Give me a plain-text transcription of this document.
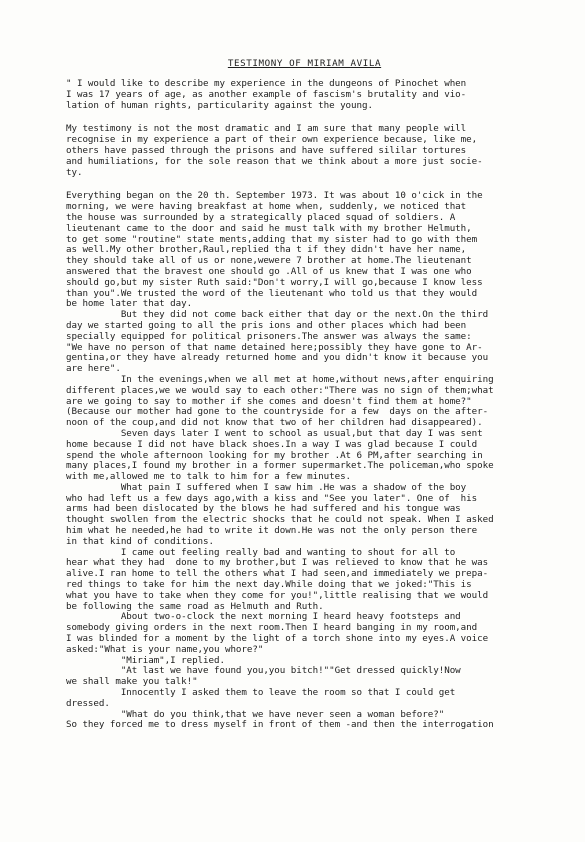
TESTIMONY OF MIRIAM AVILA
" I would like to describe my experience in the dungeons of Pinochet when
I was 17 years of age, as another example of fascism's brutality and vio-
lation of human rights, particularity against the young.
My testimony is not the most dramatic and I am sure that many people will
recognise in my experience a part of their own experience because, like me,
others have passed through the prisons and have suffered sililar tortures
and humiliations, for the sole reason that we think about a more just socie-
ty.
Everything began on the 20 th. September 1973. It was about 10 o'cick in the
morning, we were having breakfast at home when, suddenly, we noticed that
the house was surrounded by a strategically placed squad of soldiers. A
lieutenant came to the door and said he must talk with my brother Helmuth,
to get some "routine" state ments,adding that my sister had to go with them
as well.My other brother,Raul,replied tha t if they didn't have her name,
they should take all of us or none,wewere 7 brother at home.The lieutenant
answered that the bravest one should go .All of us knew that I was one who
should go,but my sister Ruth said:"Don't worry,I will go,because I know less
than you".We trusted the word of the lieutenant who told us that they would
be home later that day.
But they did not come back either that day or the next.On the third
day we started going to all the pris ions and other places which had been
specially equipped for political prisoners.The answer was always the same:
"We have no person of that name detained here;possibly they have gone to Ar-
gentina,or they have already returned home and you didn't know it because you
are here".
In the evenings,when we all met at home,without news,after enquiring
different places,we we would say to each other:"There was no sign of them;what
are we going to say to mother if she comes and doesn't find them at home?"
(Because our mother had gone to the countryside for a few  days on the after-
noon of the coup,and did not know that two of her children had disappeared).
Seven days later I went to school as usual,but that day I was sent
home because I did not have black shoes.In a way I was glad because I could
spend the whole afternoon looking for my brother .At 6 PM,after searching in
many places,I found my brother in a former supermarket.The policeman,who spoke
with me,allowed me to talk to him for a few minutes.
What pain I suffered when I saw him .He was a shadow of the boy
who had left us a few days ago,with a kiss and "See you later". One of  his
arms had been dislocated by the blows he had suffered and his tongue was
thought swollen from the electric shocks that he could not speak. When I asked
him what he needed,he had to write it down.He was not the only person there
in that kind of conditions.
I came out feeling really bad and wanting to shout for all to
hear what they had  done to my brother,but I was relieved to know that he was
alive.I ran home to tell the others what I had seen,and immediately we prepa-
red things to take for him the next day.While doing that we joked:"This is
what you have to take when they come for you!",little realising that we would
be following the same road as Helmuth and Ruth.
About two-o-clock the next morning I heard heavy footsteps and
somebody giving orders in the next room.Then I heard banging in my room,and
I was blinded for a moment by the light of a torch shone into my eyes.A voice
asked:"What is your name,you whore?"
"Miriam",I replied.
"At last we have found you,you bitch!""Get dressed quickly!Now
we shall make you talk!"
Innocently I asked them to leave the room so that I could get
dressed.
"What do you think,that we have never seen a woman before?"
So they forced me to dress myself in front of them -and then the interrogation
